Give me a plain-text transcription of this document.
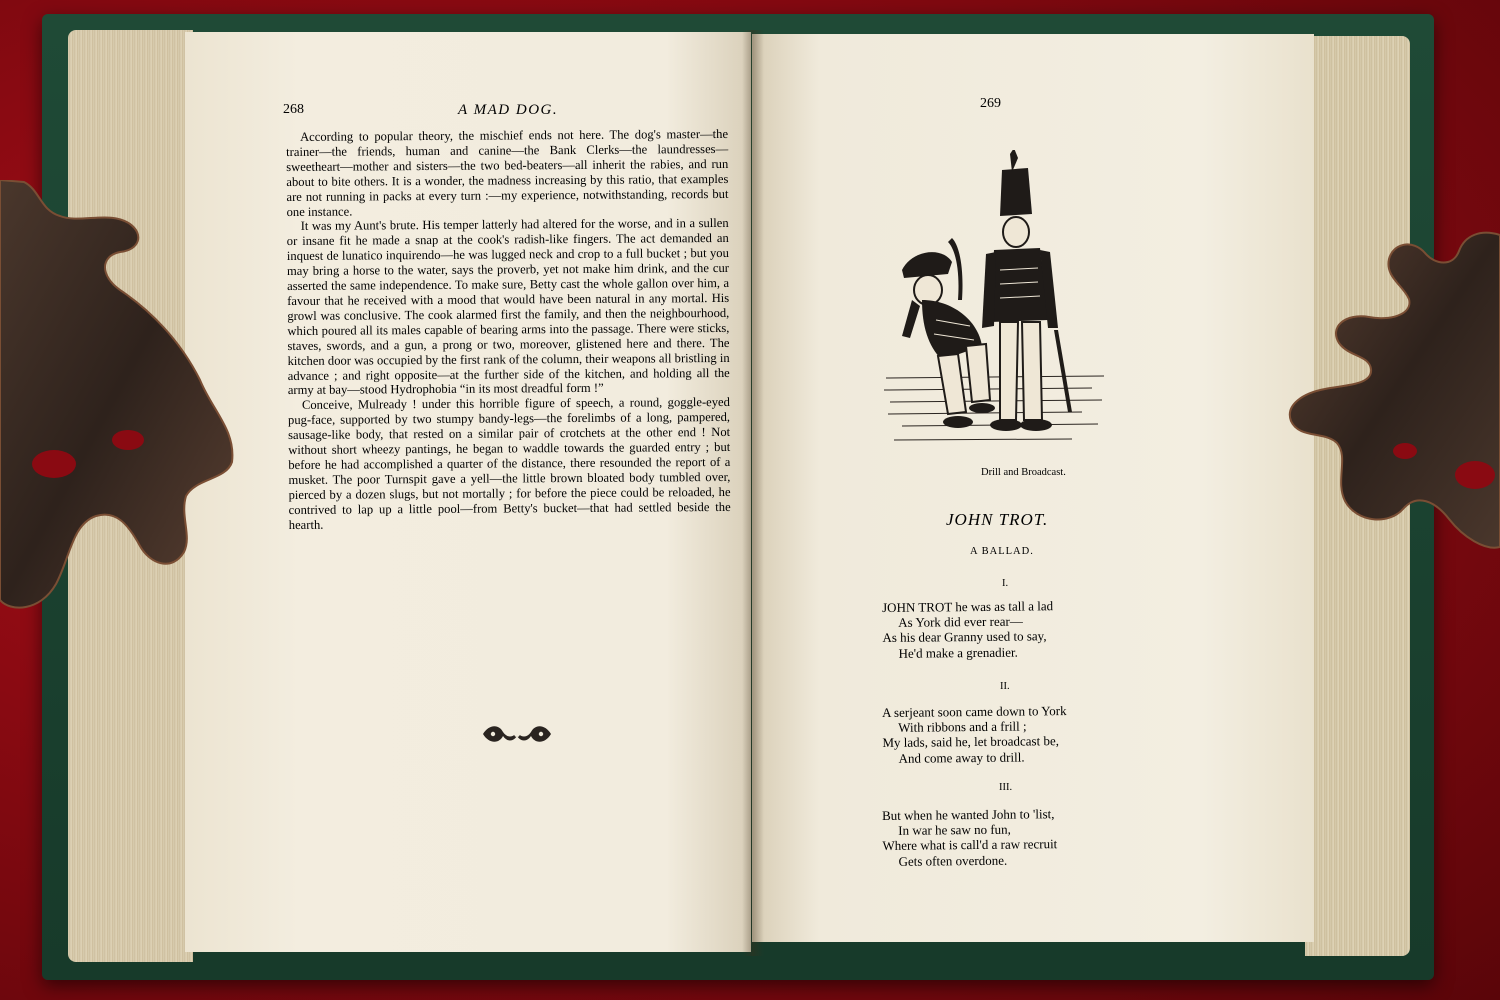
268	A MAD DOG.

According to popular theory, the mischief ends not here. The dog's master—the trainer—the friends, human and canine—the Bank Clerks—the laundresses—sweetheart—mother and sisters—the two bed-beaters—all inherit the rabies, and run about to bite others. It is a wonder, the madness increasing by this ratio, that examples are not running in packs at every turn :—my experience, notwithstanding, records but one instance.

It was my Aunt's brute. His temper latterly had altered for the worse, and in a sullen or insane fit he made a snap at the cook's radish-like fingers. The act demanded an inquest de lunatico inquirendo—he was lugged neck and crop to a full bucket ; but you may bring a horse to the water, says the proverb, yet not make him drink, and the cur asserted the same independence. To make sure, Betty cast the whole gallon over him, a favour that he received with a mood that would have been natural in any mortal. His growl was conclusive. The cook alarmed first the family, and then the neighbourhood, which poured all its males capable of bearing arms into the passage. There were sticks, staves, swords, and a gun, a prong or two, moreover, glistened here and there. The kitchen door was occupied by the first rank of the column, their weapons all bristling in advance ; and right opposite—at the further side of the kitchen, and holding all the army at bay—stood Hydrophobia “in its most dreadful form !”

Conceive, Mulready ! under this horrible figure of speech, a round, goggle-eyed pug-face, supported by two stumpy bandy-legs—the forelimbs of a long, pampered, sausage-like body, that rested on a similar pair of crotchets at the other end ! Not without short wheezy pantings, he began to waddle towards the guarded entry ; but before he had accomplished a quarter of the distance, there resounded the report of a musket. The poor Turnspit gave a yell—the little brown bloated body tumbled over, pierced by a dozen slugs, but not mortally ; for before the piece could be reloaded, he contrived to lap up a little pool—from Betty's bucket—that had settled beside the hearth.

269
Drill and Broadcast.
JOHN TROT.
A BALLAD.
I.
JOHN TROT he was as tall a lad
As York did ever rear—
As his dear Granny used to say,
He'd make a grenadier.
II.
A serjeant soon came down to York
With ribbons and a frill ;
My lads, said he, let broadcast be,
And come away to drill.
III.
But when he wanted John to 'list,
In war he saw no fun,
Where what is call'd a raw recruit
Gets often overdone.
